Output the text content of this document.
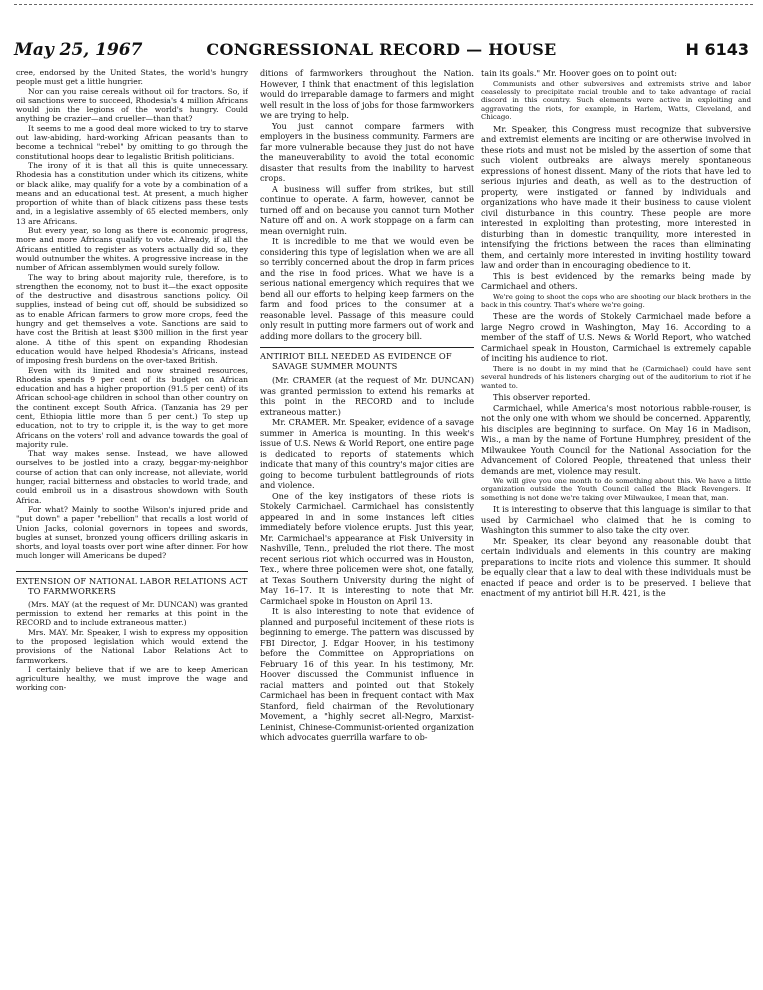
May 25, 1967	CONGRESSIONAL RECORD — HOUSE	H 6143

cree, endorsed by the United States, the world's hungry people must get a little hungrier.

Nor can you raise cereals without oil for tractors. So, if oil sanctions were to succeed, Rhodesia's 4 million Africans would join the legions of the world's hungry. Could anything be crazier—and crueller—than that?

It seems to me a good deal more wicked to try to starve out law-abiding, hard-working African peasants than to become a technical "rebel" by omitting to go through the constitutional hoops dear to legalistic British politicians.

The irony of it is that all this is quite unnecessary. Rhodesia has a constitution under which its citizens, white or black alike, may qualify for a vote by a combination of a means and an educational test. At present, a much higher proportion of white than of black citizens pass these tests and, in a legislative assembly of 65 elected members, only 13 are Africans.

But every year, so long as there is economic progress, more and more Africans qualify to vote. Already, if all the Africans entitled to register as voters actually did so, they would outnumber the whites. A progressive increase in the number of African assemblymen would surely follow.

The way to bring about majority rule, therefore, is to strengthen the economy, not to bust it—the exact opposite of the destructive and disastrous sanctions policy. Oil supplies, instead of being cut off, should be subsidized so as to enable African farmers to grow more crops, feed the hungry and get themselves a vote. Sanctions are said to have cost the British at least $300 million in the first year alone. A tithe of this spent on expanding Rhodesian education would have helped Rhodesia's Africans, instead of imposing fresh burdens on the over-taxed British.

Even with its limited and now strained resources, Rhodesia spends 9 per cent of its budget on African education and has a higher proportion (91.5 per cent) of its African school-age children in school than other country on the continent except South Africa. (Tanzania has 29 per cent, Ethiopia little more than 5 per cent.) To step up education, not to try to cripple it, is the way to get more Africans on the voters' roll and advance towards the goal of majority rule.

That way makes sense. Instead, we have allowed ourselves to be jostled into a crazy, beggar-my-neighbor course of action that can only increase, not alleviate, world hunger, racial bitterness and obstacles to world trade, and could embroil us in a disastrous showdown with South Africa.

For what? Mainly to soothe Wilson's injured pride and "put down" a paper "rebellion" that recalls a lost world of Union Jacks, colonial governors in topees and swords, bugles at sunset, bronzed young officers drilling askaris in shorts, and loyal toasts over port wine after dinner. For how much longer will Americans be duped?

EXTENSION OF NATIONAL LABOR RELATIONS ACT TO FARMWORKERS

(Mrs. MAY (at the request of Mr. DUNCAN) was granted permission to extend her remarks at this point in the RECORD and to include extraneous matter.)

Mrs. MAY. Mr. Speaker, I wish to express my opposition to the proposed legislation which would extend the provisions of the National Labor Relations Act to farmworkers.

I certainly believe that if we are to keep American agriculture healthy, we must improve the wage and working con-

ditions of farmworkers throughout the Nation. However, I think that enactment of this legislation would do irreparable damage to farmers and might well result in the loss of jobs for those farmworkers we are trying to help.

You just cannot compare farmers with employers in the business community. Farmers are far more vulnerable because they just do not have the maneuverability to avoid the total economic disaster that results from the inability to harvest crops.

A business will suffer from strikes, but still continue to operate. A farm, however, cannot be turned off and on because you cannot turn Mother Nature off and on. A work stoppage on a farm can mean overnight ruin.

It is incredible to me that we would even be considering this type of legislation when we are all so terribly concerned about the drop in farm prices and the rise in food prices. What we have is a serious national emergency which requires that we bend all our efforts to helping keep farmers on the farm and food prices to the consumer at a reasonable level. Passage of this measure could only result in putting more farmers out of work and adding more dollars to the grocery bill.

ANTIRIOT BILL NEEDED AS EVIDENCE OF SAVAGE SUMMER MOUNTS

(Mr. CRAMER (at the request of Mr. DUNCAN) was granted permission to extend his remarks at this point in the RECORD and to include extraneous matter.)

Mr. CRAMER. Mr. Speaker, evidence of a savage summer in America is mounting. In this week's issue of U.S. News & World Report, one entire page is dedicated to reports of statements which indicate that many of this country's major cities are going to become turbulent battlegrounds of riots and violence.

One of the key instigators of these riots is Stokely Carmichael. Carmichael has consistently appeared in and in some instances left cities immediately before violence erupts. Just this year, Mr. Carmichael's appearance at Fisk University in Nashville, Tenn., preluded the riot there. The most recent serious riot which occurred was in Houston, Tex., where three policemen were shot, one fatally, at Texas Southern University during the night of May 16–17. It is interesting to note that Mr. Carmichael spoke in Houston on April 13.

It is also interesting to note that evidence of planned and purposeful incitement of these riots is beginning to emerge. The pattern was discussed by FBI Director, J. Edgar Hoover, in his testimony before the Committee on Appropriations on February 16 of this year. In his testimony, Mr. Hoover discussed the Communist influence in racial matters and pointed out that Stokely Carmichael has been in frequent contact with Max Stanford, field chairman of the Revolutionary Movement, a "highly secret all-Negro, Marxist-Leninist, Chinese-Communist-oriented organization which advocates guerrilla warfare to ob-

tain its goals." Mr. Hoover goes on to point out:

Communists and other subversives and extremists strive and labor ceaselessly to precipitate racial trouble and to take advantage of racial discord in this country. Such elements were active in exploiting and aggravating the riots, for example, in Harlem, Watts, Cleveland, and Chicago.

Mr. Speaker, this Congress must recognize that subversive and extremist elements are inciting or are otherwise involved in these riots and must not be misled by the assertion of some that such violent outbreaks are always merely spontaneous expressions of honest dissent. Many of the riots that have led to serious injuries and death, as well as to the destruction of property, were instigated or fanned by individuals and organizations who have made it their business to cause violent civil disturbance in this country. These people are more interested in exploiting than protesting, more interested in disturbing than in domestic tranquility, more interested in intensifying the frictions between the races than eliminating them, and certainly more interested in inviting hostility toward law and order than in encouraging obedience to it.

This is best evidenced by the remarks being made by Carmichael and others.

We're going to shoot the cops who are shooting our black brothers in the back in this country. That's where we're going.

These are the words of Stokely Carmichael made before a large Negro crowd in Washington, May 16. According to a member of the staff of U.S. News & World Report, who watched Carmichael speak in Houston, Carmichael is extremely capable of inciting his audience to riot.

There is no doubt in my mind that he (Carmichael) could have sent several hundreds of his listeners charging out of the auditorium to riot if he wanted to.

This observer reported.

Carmichael, while America's most notorious rabble-rouser, is not the only one with whom we should be concerned. Apparently, his disciples are beginning to surface. On May 16 in Madison, Wis., a man by the name of Fortune Humphrey, president of the Milwaukee Youth Council for the National Association for the Advancement of Colored People, threatened that unless their demands are met, violence may result.

We will give you one month to do something about this. We have a little organization outside the Youth Council called the Black Revengers. If something is not done we're taking over Milwaukee, I mean that, man.

It is interesting to observe that this language is similar to that used by Carmichael who claimed that he is coming to Washington this summer to also take the city over.

Mr. Speaker, its clear beyond any reasonable doubt that certain individuals and elements in this country are making preparations to incite riots and violence this summer. It should be equally clear that a law to deal with these individuals must be enacted if peace and order is to be preserved. I believe that enactment of my antiriot bill H.R. 421, is the
